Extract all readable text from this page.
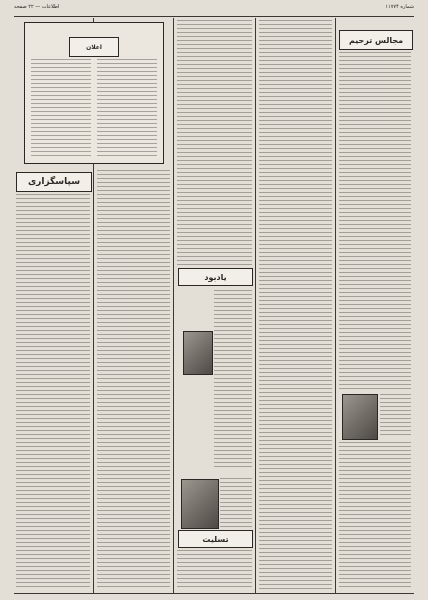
اطلاعات — ۲۲ صفحه	شماره ۱۱۷۷۴
اعلان
سپاسگزاری
یادبود
تسلیت
مجالس ترحیم
